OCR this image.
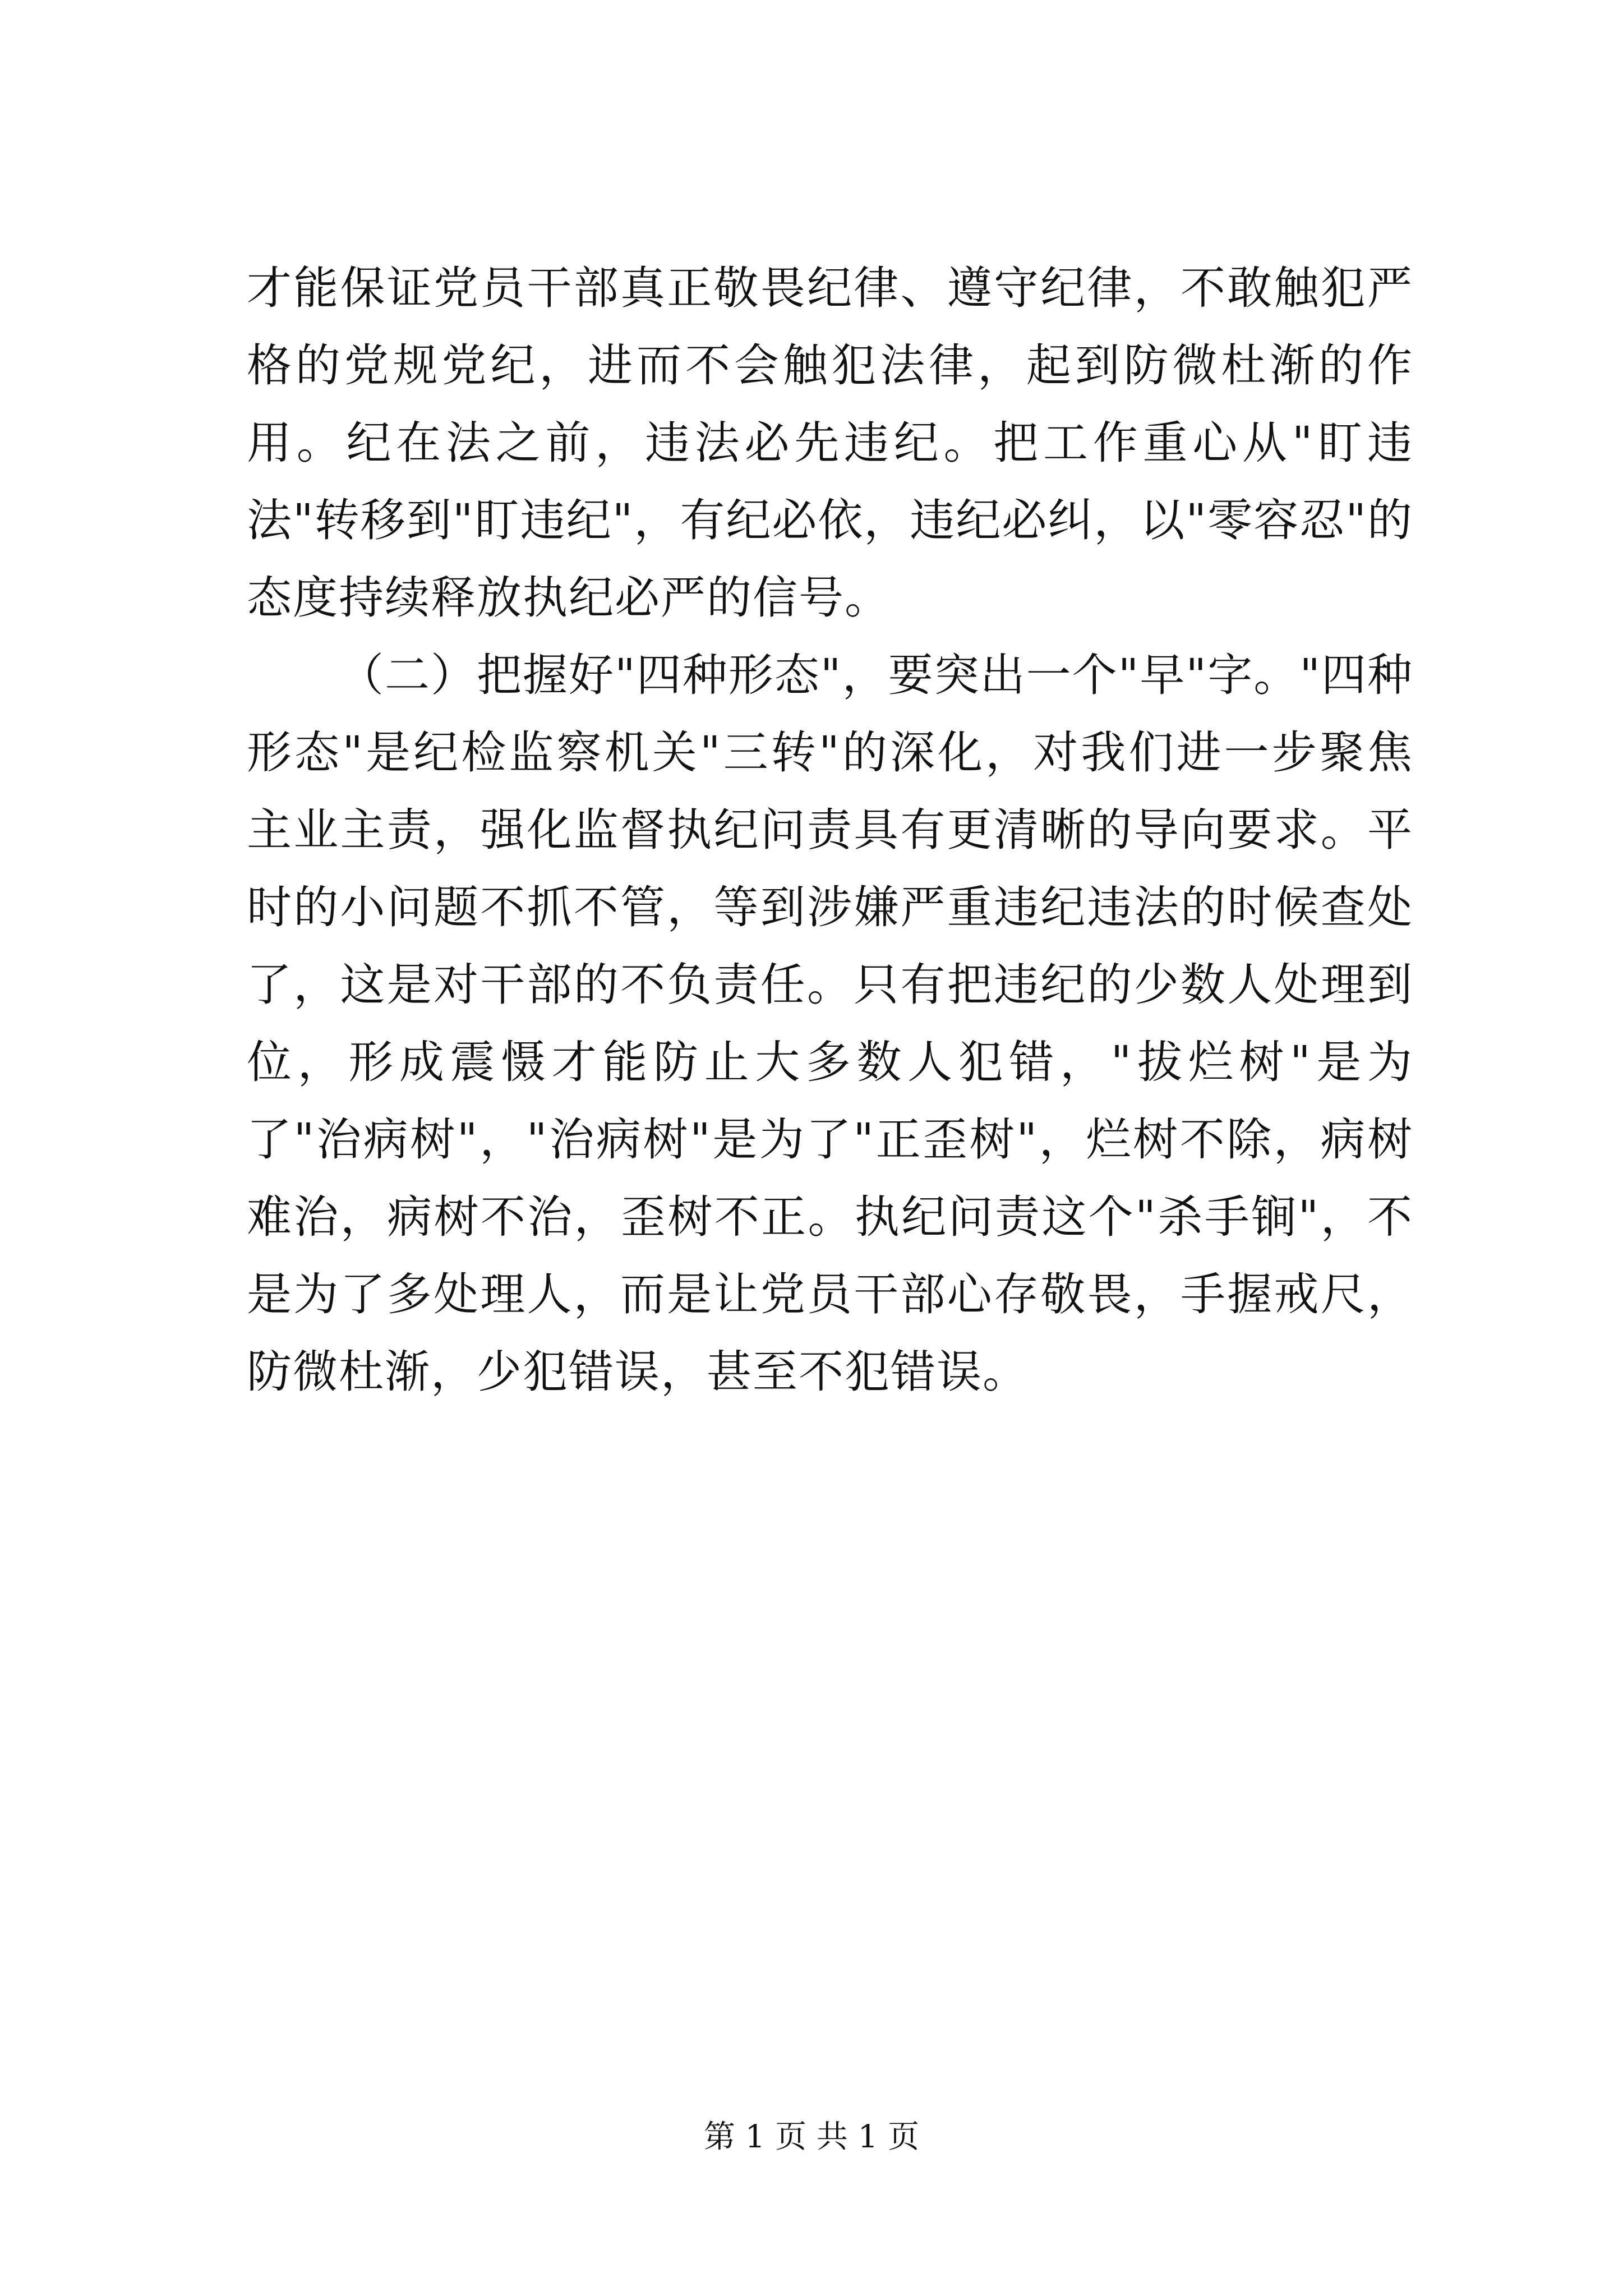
才能保证党员干部真正敬畏纪律、遵守纪律，不敢触犯严格的党规党纪，进而不会触犯法律，起到防微杜渐的作用。纪在法之前，违法必先违纪。把工作重心从"盯违法"转移到"盯违纪"，有纪必依，违纪必纠，以"零容忍"的态度持续释放执纪必严的信号。

（二）把握好"四种形态"，要突出一个"早"字。"四种形态"是纪检监察机关"三转"的深化，对我们进一步聚焦主业主责，强化监督执纪问责具有更清晰的导向要求。平时的小问题不抓不管，等到涉嫌严重违纪违法的时候查处了，这是对干部的不负责任。只有把违纪的少数人处理到位，形成震慑才能防止大多数人犯错，"拔烂树"是为了"治病树"，"治病树"是为了"正歪树"，烂树不除，病树难治，病树不治，歪树不正。执纪问责这个"杀手锏"，不是为了多处理人，而是让党员干部心存敬畏，手握戒尺，防微杜渐，少犯错误，甚至不犯错误。

第 1 页 共 1 页
